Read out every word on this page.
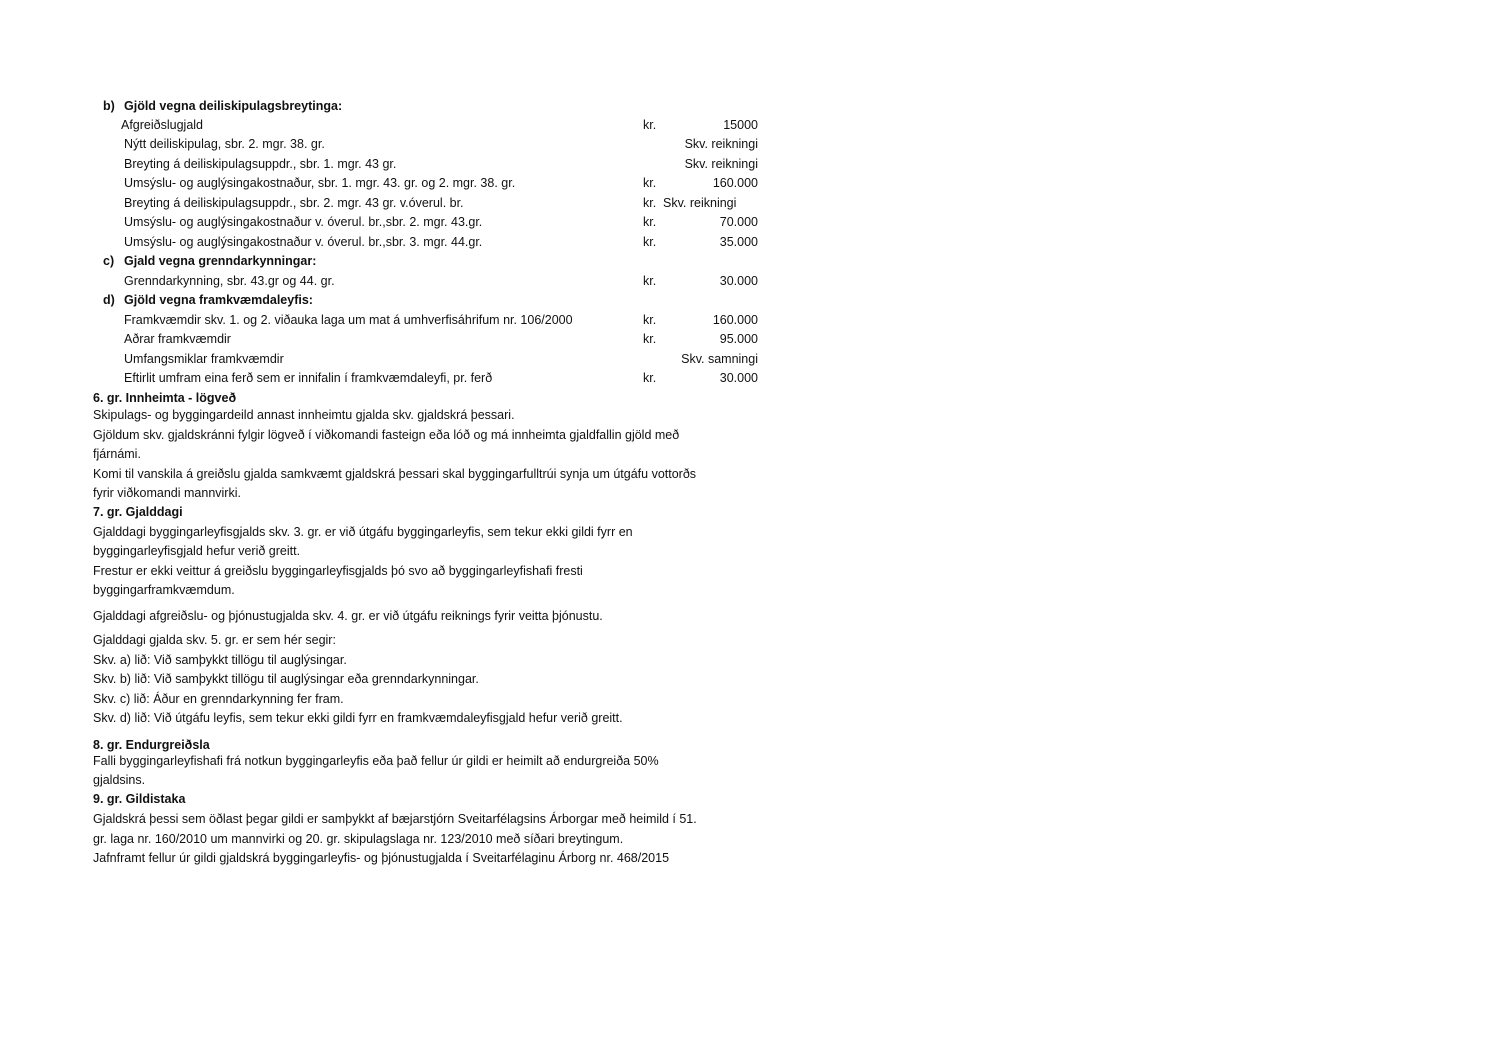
b) Gjöld vegna deiliskipulagsbreytinga:
Afgreiðslugjald	kr.	15000
Nýtt deiliskipulag, sbr. 2. mgr. 38. gr.	Skv. reikningi
Breyting á deiliskipulagsuppdr., sbr. 1. mgr. 43 gr.	Skv. reikningi
Umsýslu- og auglýsingakostnaður, sbr. 1. mgr. 43. gr. og 2. mgr. 38. gr.	kr.	160.000
Breyting á deiliskipulagsuppdr., sbr. 2. mgr. 43 gr. v.óverul. br.	kr. Skv. reikningi
Umsýslu- og auglýsingakostnaður v. óverul. br.,sbr. 2. mgr. 43.gr.	kr.	70.000
Umsýslu- og auglýsingakostnaður v. óverul. br.,sbr. 3. mgr. 44.gr.	kr.	35.000
c) Gjald vegna grenndarkynningar:
Grenndarkynning, sbr. 43.gr og 44. gr.	kr.	30.000
d) Gjöld vegna framkvæmdaleyfis:
Framkvæmdir skv. 1. og 2. viðauka laga um mat á umhverfisáhrifum nr. 106/2000	kr.	160.000
Aðrar framkvæmdir	kr.	95.000
Umfangsmiklar framkvæmdir	Skv. samningi
Eftirlit umfram eina ferð sem er innifalin í framkvæmdaleyfi, pr. ferð	kr.	30.000
6. gr. Innheimta - lögveð
Skipulags- og byggingardeild annast innheimtu gjalda skv. gjaldskrá þessari.
Gjöldum skv. gjaldskránni fylgir lögveð í viðkomandi fasteign eða lóð og má innheimta gjaldfallin gjöld með
fjárnámi.
Komi til vanskila á greiðslu gjalda samkvæmt gjaldskrá þessari skal byggingarfulltrúi synja um útgáfu vottorðs
fyrir viðkomandi mannvirki.
7. gr. Gjalddagi
Gjalddagi byggingarleyfisgjalds skv. 3. gr. er við útgáfu byggingarleyfis, sem tekur ekki gildi fyrr en
byggingarleyfisgjald hefur verið greitt.
Frestur er ekki veittur á greiðslu byggingarleyfisgjalds þó svo að byggingarleyfishafi fresti
byggingarframkvæmdum.
Gjalddagi afgreiðslu- og þjónustugjalda skv. 4. gr. er við útgáfu reiknings fyrir veitta þjónustu.
Gjalddagi gjalda skv. 5. gr. er sem hér segir:
Skv. a) lið: Við samþykkt tillögu til auglýsingar.
Skv. b) lið: Við samþykkt tillögu til auglýsingar eða grenndarkynningar.
Skv. c) lið: Áður en grenndarkynning fer fram.
Skv. d) lið: Við útgáfu leyfis, sem tekur ekki gildi fyrr en framkvæmdaleyfisgjald hefur verið greitt.
8. gr. Endurgreiðsla
Falli byggingarleyfishafi frá notkun byggingarleyfis eða það fellur úr gildi er heimilt að endurgreiða 50%
gjaldsins.
9. gr. Gildistaka
Gjaldskrá þessi sem öðlast þegar gildi er samþykkt af bæjarstjórn Sveitarfélagsins Árborgar með heimild í 51.
gr. laga nr. 160/2010 um mannvirki og 20. gr. skipulagslaga nr. 123/2010 með síðari breytingum.
Jafnframt fellur úr gildi gjaldskrá byggingarleyfis- og þjónustugjalda í Sveitarfélaginu Árborg nr. 468/2015
